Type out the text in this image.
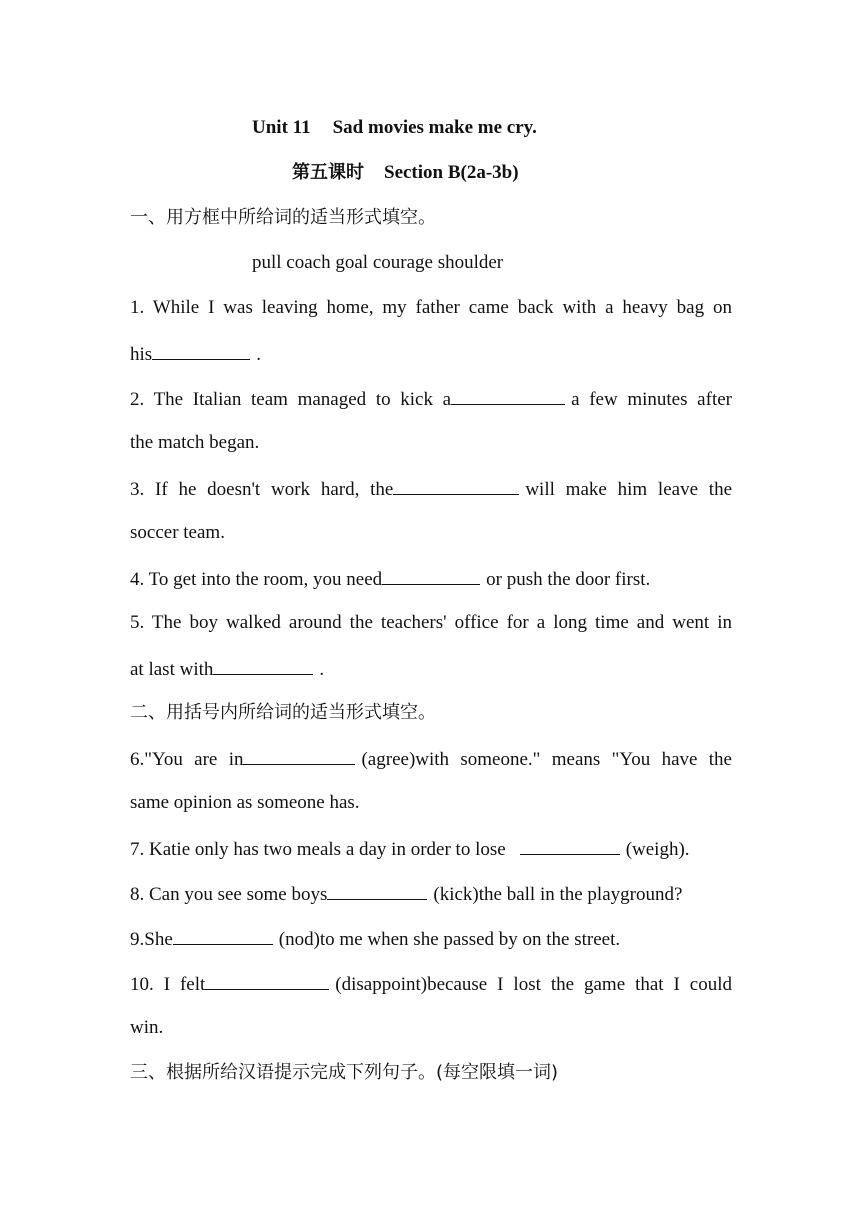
Unit 11 Sad movies make me cry.
第五课时 Section B(2a-3b)
一、用方框中所给词的适当形式填空。
pull coach goal courage shoulder
1. While I was leaving home, my father came back with a heavy bag on
his	.
2. The Italian team managed to kick a	a few minutes after
the match began.
3. If he doesn't work hard, the	will make him leave the
soccer team.
4. To get into the room, you need	or push the door first.
5. The boy walked around the teachers' office for a long time and went in
at last with	.
二、用括号内所给词的适当形式填空。
6."You are in	(agree)with someone." means "You have the
same opinion as someone has.
7. Katie only has two meals a day in order to lose	(weigh).
8. Can you see some boys	(kick)the ball in the playground?
9.She	(nod)to me when she passed by on the street.
10. I felt	(disappoint)because I lost the game that I could
win.
三、根据所给汉语提示完成下列句子。(每空限填一词)
